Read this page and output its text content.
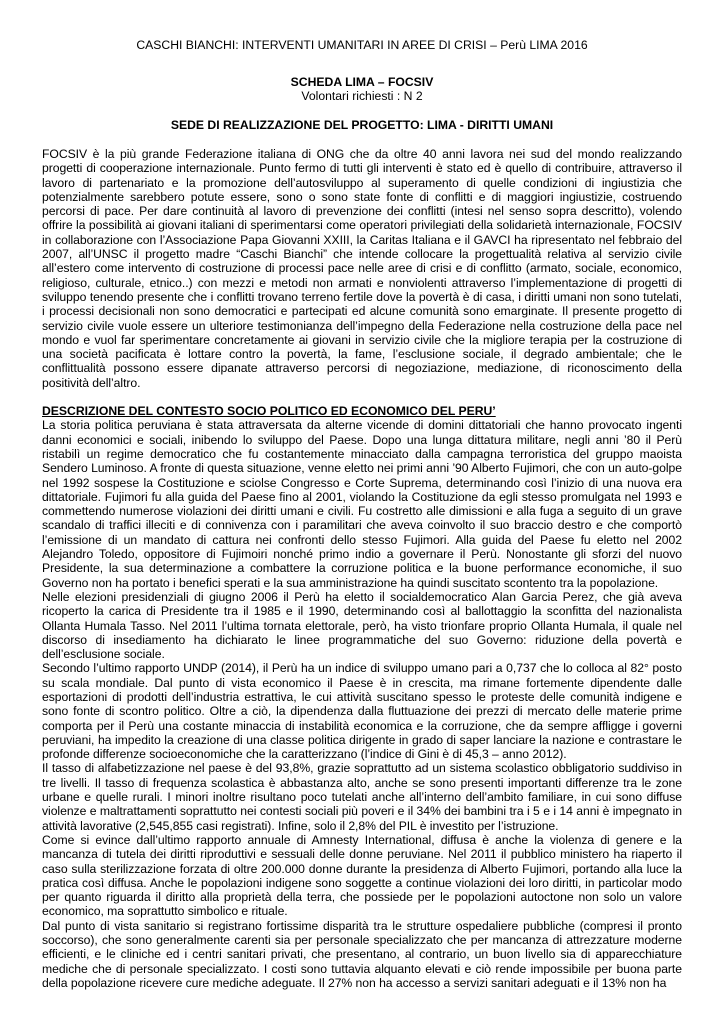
CASCHI BIANCHI: INTERVENTI UMANITARI IN AREE DI CRISI – Perù LIMA 2016
SCHEDA LIMA – FOCSIV
Volontari richiesti : N 2
SEDE DI REALIZZAZIONE DEL PROGETTO: LIMA - DIRITTI UMANI

FOCSIV è la più grande Federazione italiana di ONG che da oltre 40 anni lavora nei sud del mondo realizzando progetti di cooperazione internazionale. Punto fermo di tutti gli interventi è stato ed è quello di contribuire, attraverso il lavoro di partenariato e la promozione dell’autosviluppo al superamento di quelle condizioni di ingiustizia che potenzialmente sarebbero potute essere, sono o sono state fonte di conflitti e di maggiori ingiustizie, costruendo percorsi di pace. Per dare continuità al lavoro di prevenzione dei conflitti (intesi nel senso sopra descritto), volendo offrire la possibilità ai giovani italiani di sperimentarsi come operatori privilegiati della solidarietà internazionale, FOCSIV in collaborazione con l’Associazione Papa Giovanni XXIII, la Caritas Italiana e il GAVCI ha ripresentato nel febbraio del 2007, all’UNSC il progetto madre “Caschi Bianchi” che intende collocare la progettualità relativa al servizio civile all’estero come intervento di costruzione di processi pace nelle aree di crisi e di conflitto (armato, sociale, economico, religioso, culturale, etnico..) con mezzi e metodi non armati e nonviolenti attraverso l’implementazione di progetti di sviluppo tenendo presente che i conflitti trovano terreno fertile dove la povertà è di casa, i diritti umani non sono tutelati, i processi decisionali non sono democratici e partecipati ed alcune comunità sono emarginate. Il presente progetto di servizio civile vuole essere un ulteriore testimonianza dell’impegno della Federazione nella costruzione della pace nel mondo e vuol far sperimentare concretamente ai giovani in servizio civile che la migliore terapia per la costruzione di una società pacificata è lottare contro la povertà, la fame, l’esclusione sociale, il degrado ambientale; che le conflittualità possono essere dipanate attraverso percorsi di negoziazione, mediazione, di riconoscimento della positività dell’altro.

DESCRIZIONE DEL CONTESTO SOCIO POLITICO ED ECONOMICO DEL PERU’

La storia politica peruviana è stata attraversata da alterne vicende di domini dittatoriali che hanno provocato ingenti danni economici e sociali, inibendo lo sviluppo del Paese. Dopo una lunga dittatura militare, negli anni ’80 il Perù ristabilì un regime democratico che fu costantemente minacciato dalla campagna terroristica del gruppo maoista Sendero Luminoso. A fronte di questa situazione, venne eletto nei primi anni ’90 Alberto Fujimori, che con un auto-golpe nel 1992 sospese la Costituzione e sciolse Congresso e Corte Suprema, determinando così l’inizio di una nuova era dittatoriale. Fujimori fu alla guida del Paese fino al 2001, violando la Costituzione da egli stesso promulgata nel 1993 e commettendo numerose violazioni dei diritti umani e civili. Fu costretto alle dimissioni e alla fuga a seguito di un grave scandalo di traffici illeciti e di connivenza con i paramilitari che aveva coinvolto il suo braccio destro e che comportò l’emissione di un mandato di cattura nei confronti dello stesso Fujimori. Alla guida del Paese fu eletto nel 2002 Alejandro Toledo, oppositore di Fujimoiri nonché primo indio a governare il Perù. Nonostante gli sforzi del nuovo Presidente, la sua determinazione a combattere la corruzione politica e la buone performance economiche, il suo Governo non ha portato i benefici sperati e la sua amministrazione ha quindi suscitato scontento tra la popolazione.

Nelle elezioni presidenziali di giugno 2006 il Perù ha eletto il socialdemocratico Alan Garcia Perez, che già aveva ricoperto la carica di Presidente tra il 1985 e il 1990, determinando così al ballottaggio la sconfitta del nazionalista Ollanta Humala Tasso. Nel 2011 l’ultima tornata elettorale, però, ha visto trionfare proprio Ollanta Humala, il quale nel discorso di insediamento ha dichiarato le linee programmatiche del suo Governo: riduzione della povertà e dell’esclusione sociale.

Secondo l’ultimo rapporto UNDP (2014), il Perù ha un indice di sviluppo umano pari a 0,737 che lo colloca al 82° posto su scala mondiale. Dal punto di vista economico il Paese è in crescita, ma rimane fortemente dipendente dalle esportazioni di prodotti dell’industria estrattiva, le cui attività suscitano spesso le proteste delle comunità indigene e sono fonte di scontro politico. Oltre a ciò, la dipendenza dalla fluttuazione dei prezzi di mercato delle materie prime comporta per il Perù una costante minaccia di instabilità economica e la corruzione, che da sempre affligge i governi peruviani, ha impedito la creazione di una classe politica dirigente in grado di saper lanciare la nazione e contrastare le profonde differenze socioeconomiche che la caratterizzano (l’indice di Gini è di 45,3 – anno 2012).

Il tasso di alfabetizzazione nel paese è del 93,8%, grazie soprattutto ad un sistema scolastico obbligatorio suddiviso in tre livelli. Il tasso di frequenza scolastica è abbastanza alto, anche se sono presenti importanti differenze tra le zone urbane e quelle rurali. I minori inoltre risultano poco tutelati anche all’interno dell’ambito familiare, in cui sono diffuse violenze e maltrattamenti soprattutto nei contesti sociali più poveri e il 34% dei bambini tra i 5 e i 14 anni è impegnato in attività lavorative (2,545,855 casi registrati). Infine, solo il 2,8% del PIL è investito per l’istruzione.

Come si evince dall’ultimo rapporto annuale di Amnesty International, diffusa è anche la violenza di genere e la mancanza di tutela dei diritti riproduttivi e sessuali delle donne peruviane. Nel 2011 il pubblico ministero ha riaperto il caso sulla sterilizzazione forzata di oltre 200.000 donne durante la presidenza di Alberto Fujimori, portando alla luce la pratica così diffusa. Anche le popolazioni indigene sono soggette a continue violazioni dei loro diritti, in particolar modo per quanto riguarda il diritto alla proprietà della terra, che possiede per le popolazioni autoctone non solo un valore economico, ma soprattutto simbolico e rituale.

Dal punto di vista sanitario si registrano fortissime disparità tra le strutture ospedaliere pubbliche (compresi il pronto soccorso), che sono generalmente carenti sia per personale specializzato che per mancanza di attrezzature moderne efficienti, e le cliniche ed i centri sanitari privati, che presentano, al contrario, un buon livello sia di apparecchiature mediche che di personale specializzato. I costi sono tuttavia alquanto elevati e ciò rende impossibile per buona parte della popolazione ricevere cure mediche adeguate. Il 27% non ha accesso a servizi sanitari adeguati e il 13% non ha
